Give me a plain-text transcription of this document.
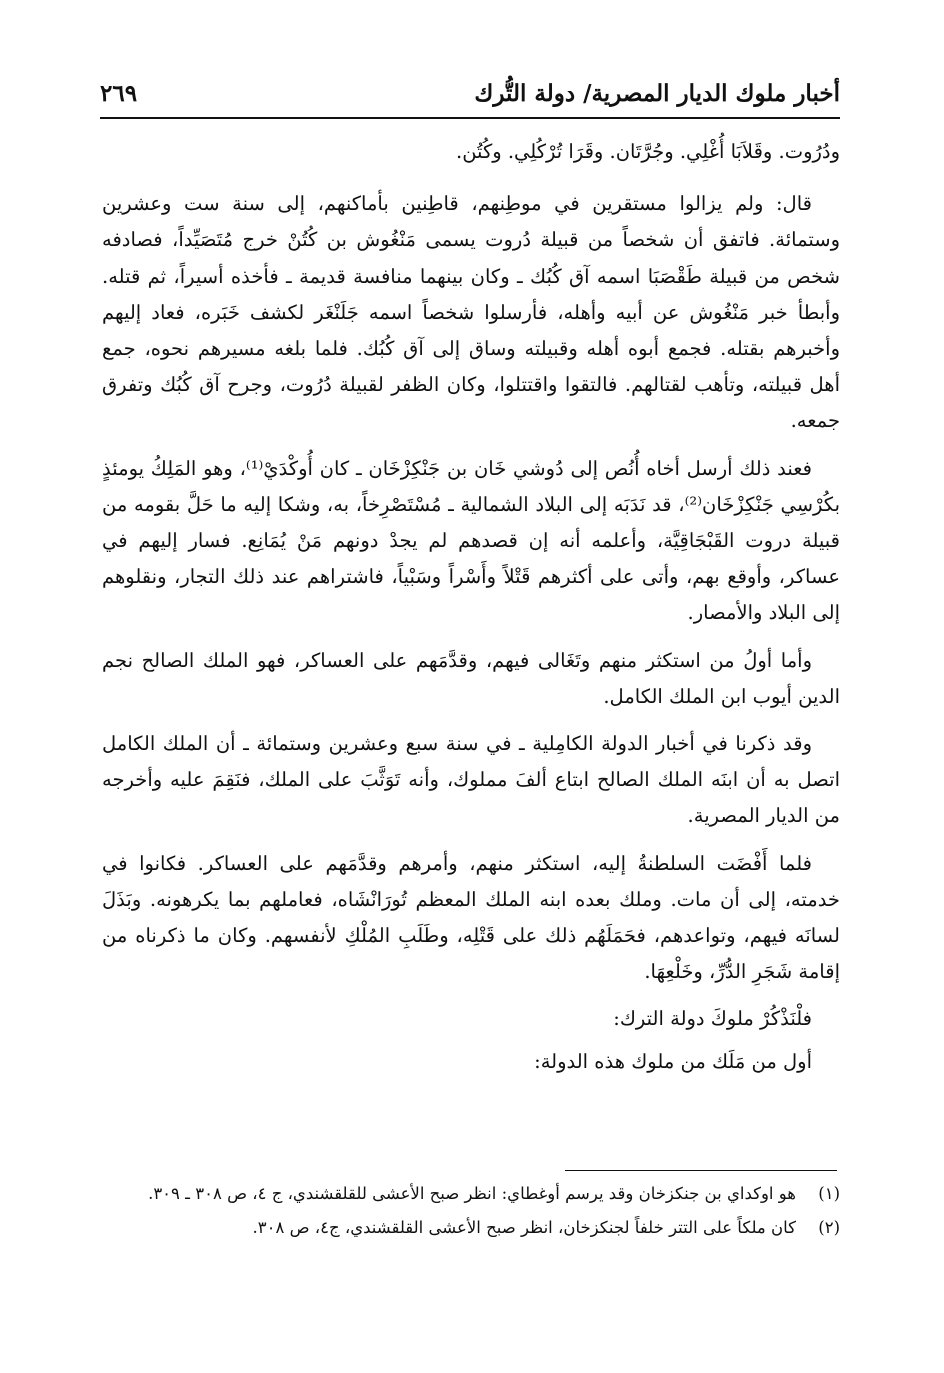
أخبار ملوك الديار المصرية/ دولة التُّرك
٢٦٩

ودُرُوت. وقَلاَبَا أُغْلِي. وجُرَّتَان. وقَرَا تُرْكُلِي. وكُتُن.

قال: ولم يزالوا مستقرين في موطِنهم، قاطِنين بأماكنهم، إلى سنة ست وعشرين وستمائة. فاتفق أن شخصاً من قبيلة دُروت يسمى مَنْغُوش بن كُتُنْ خرج مُتَصَيِّداً، فصادفه شخص من قبيلة طَقْصَبَا اسمه آق كُبُك ـ وكان بينهما منافسة قديمة ـ فأخذه أسيراً، ثم قتله. وأبطأ خبر مَنْغُوش عن أبيه وأهله، فأرسلوا شخصاً اسمه جَلَنْغَر لكشف خَبَره، فعاد إليهم وأخبرهم بقتله. فجمع أبوه أهله وقبيلته وساق إلى آق كُبُك. فلما بلغه مسيرهم نحوه، جمع أهل قبيلته، وتأهب لقتالهم. فالتقوا واقتتلوا، وكان الظفر لقبيلة دُرُوت، وجرح آق كُبُك وتفرق جمعه.

فعند ذلك أرسل أخاه أُنُص إلى دُوشي خَان بن جَنْكِزْخَان ـ كان أُوكْدَيْ⁽¹⁾، وهو المَلِكُ يومئذٍ بكُرْسِي جَنْكِزْخَان⁽²⁾، قد نَدَبَه إلى البلاد الشمالية ـ مُسْتَصْرِخاً، به، وشكا إليه ما حَلَّ بقومه من قبيلة دروت القَبْجَاقِيَّة، وأعلمه أنه إن قصدهم لم يجدْ دونهم مَنْ يُمَانِع. فسار إليهم في عساكر، وأوقع بهم، وأتى على أكثرهم قَتْلاً وأَسْراً وسَبْياً، فاشتراهم عند ذلك التجار، ونقلوهم إلى البلاد والأمصار.

وأما أولُ من استكثر منهم وتَغَالى فيهم، وقدَّمَهم على العساكر، فهو الملك الصالح نجم الدين أيوب ابن الملك الكامل.

وقد ذكرنا في أخبار الدولة الكامِلية ـ في سنة سبع وعشرين وستمائة ـ أن الملك الكامل اتصل به أن ابنَه الملك الصالح ابتاع ألفَ مملوك، وأنه تَوَثَّبَ على الملك، فنَقِمَ عليه وأخرجه من الديار المصرية.

فلما أَفْضَت السلطنةُ إليه، استكثر منهم، وأمرهم وقدَّمَهم على العساكر. فكانوا في خدمته، إلى أن مات. وملك بعده ابنه الملك المعظم تُورَانْشَاه، فعاملهم بما يكرهونه. وبَذَلَ لسانَه فيهم، وتواعدهم، فحَمَلَهُم ذلك على قَتْلِه، وطَلَبِ المُلْكِ لأنفسهم. وكان ما ذكرناه من إقامة شَجَرِ الدُّرِّ، وخَلْعِهَا.

فلْنَذْكُرْ ملوكَ دولة الترك:

أول من مَلَك من ملوك هذه الدولة:

(١)
هو اوكداي بن جنكزخان وقد يرسم أوغطاي: انظر صبح الأعشى للقلقشندي، ج ٤، ص ٣٠٨ ـ ٣٠٩.
(٢)
كان ملكاً على التتر خلفاً لجنكزخان، انظر صبح الأعشى القلقشندي، ج٤، ص ٣٠٨.
